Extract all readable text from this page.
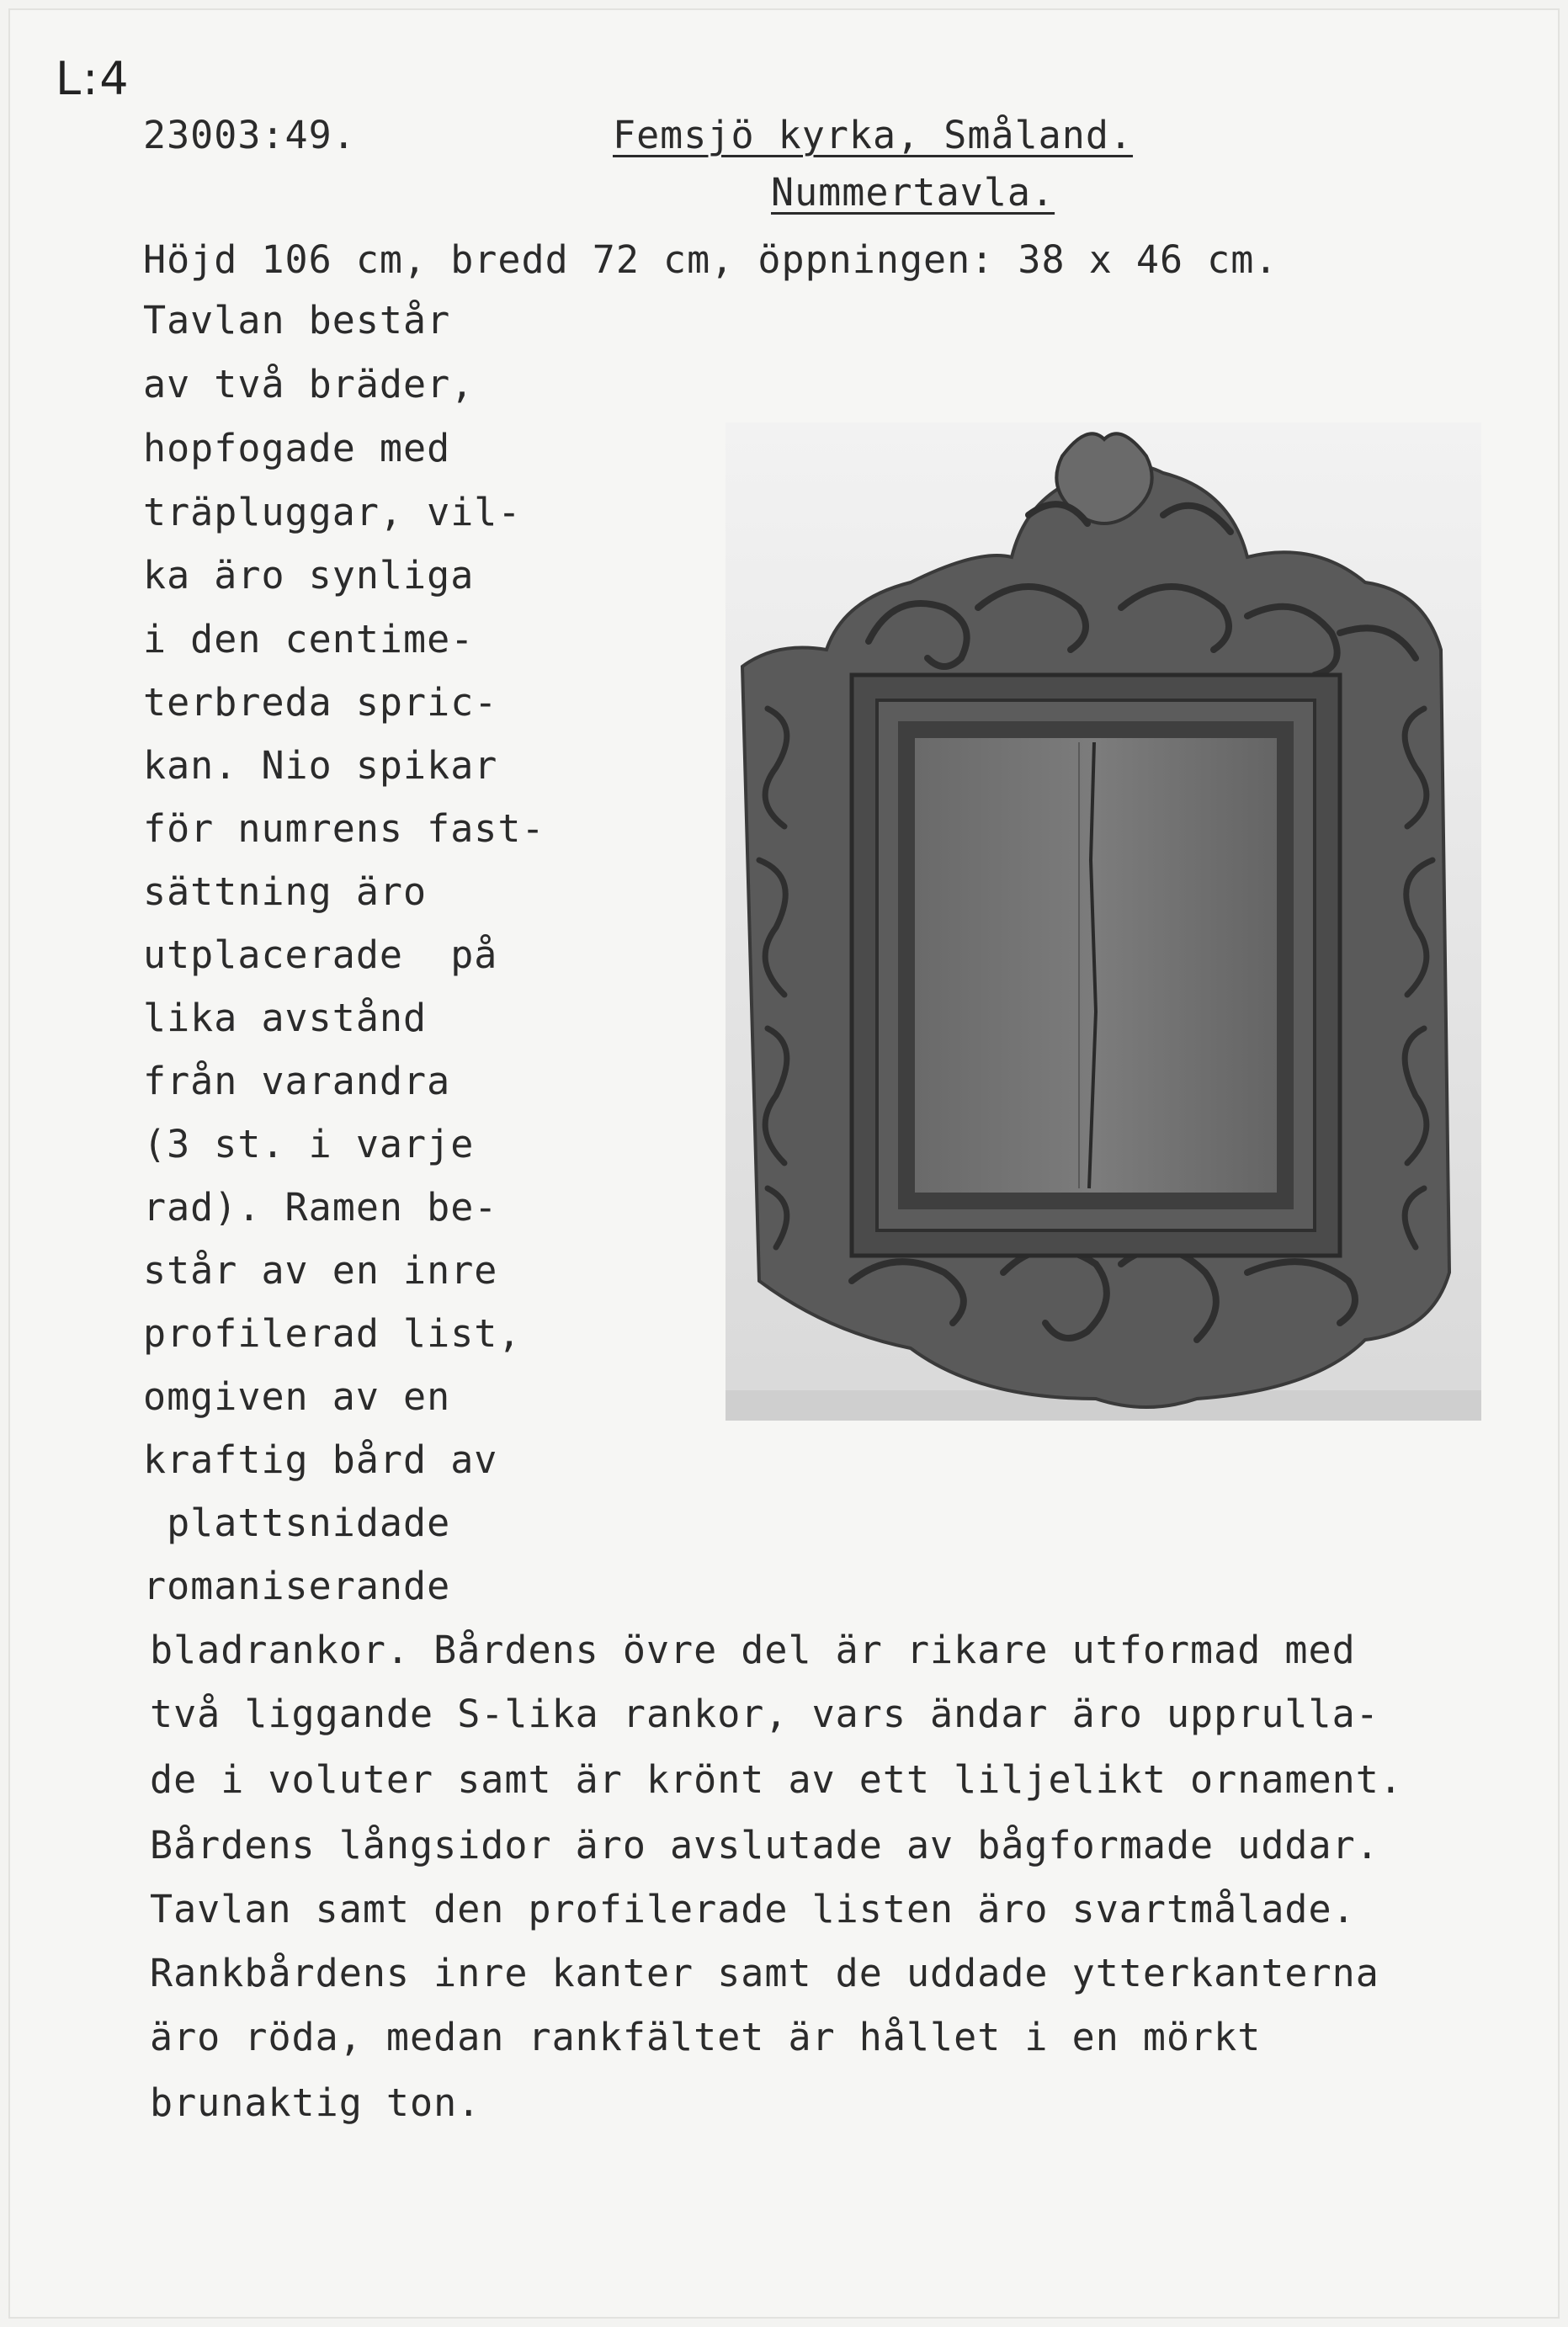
L:4
23003:49.	Femsjö kyrka, Småland.
Nummertavla.
Höjd 106 cm, bredd 72 cm, öppningen: 38 x 46 cm.
Tavlan består
av två bräder,
hopfogade med
träpluggar, vil-
ka äro synliga
i den centime-
terbreda spric-
kan. Nio spikar
för numrens fast-
sättning äro
utplacerade  på
lika avstånd
från varandra
(3 st. i varje
rad). Ramen be-
står av en inre
profilerad list,
omgiven av en
kraftig bård av
plattsnidade
romaniserande
bladrankor. Bårdens övre del är rikare utformad med
två liggande S-lika rankor, vars ändar äro upprulla-
de i voluter samt är krönt av ett liljelikt ornament.
Bårdens långsidor äro avslutade av bågformade uddar.
Tavlan samt den profilerade listen äro svartmålade.
Rankbårdens inre kanter samt de uddade ytterkanterna
äro röda, medan rankfältet är hållet i en mörkt
brunaktig ton.
